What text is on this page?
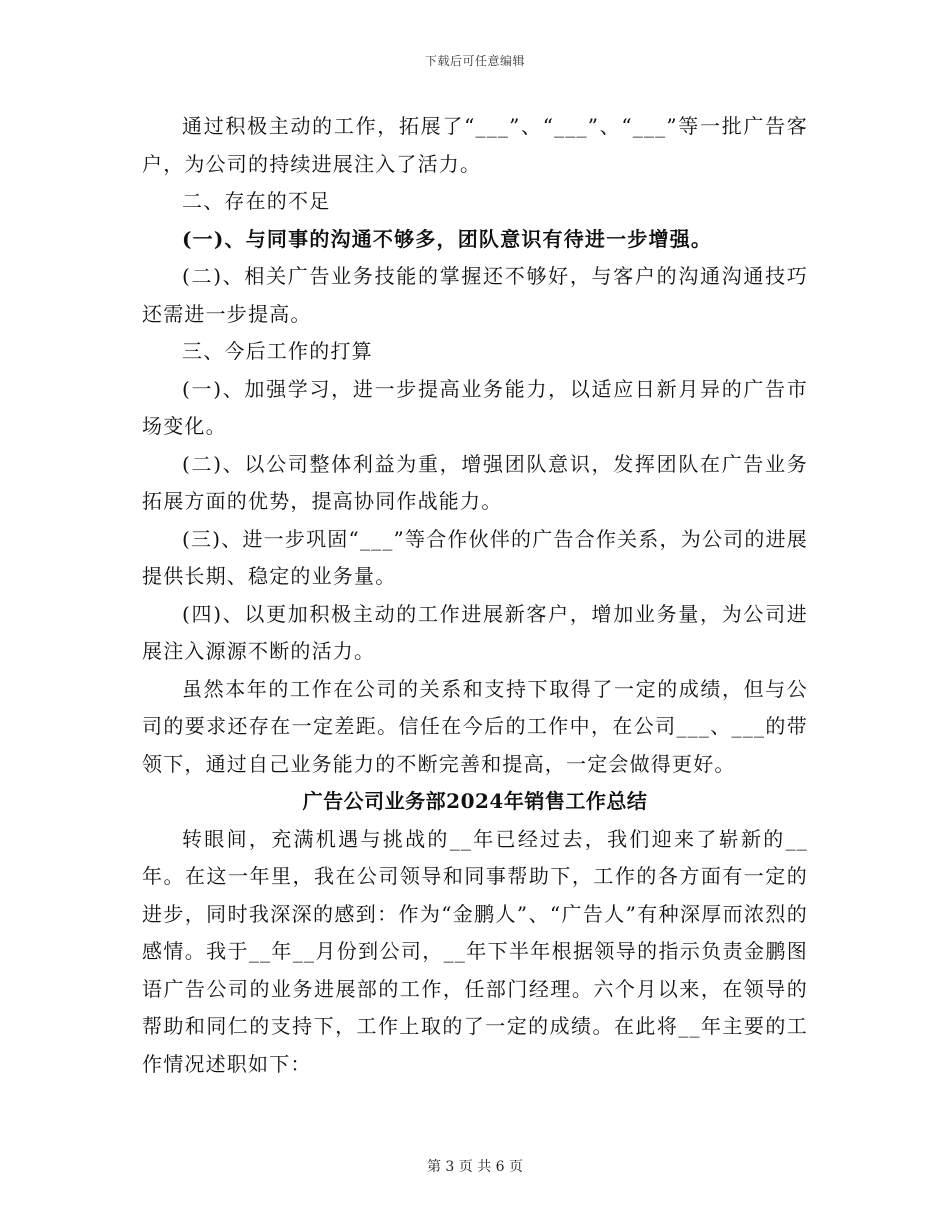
下载后可任意编辑

通过积极主动的工作，拓展了“___”、“___”、“___”等一批广告客户，为公司的持续进展注入了活力。

二、存在的不足

(一)、与同事的沟通不够多，团队意识有待进一步增强。

(二)、相关广告业务技能的掌握还不够好，与客户的沟通沟通技巧还需进一步提高。

三、今后工作的打算

(一)、加强学习，进一步提高业务能力，以适应日新月异的广告市场变化。

(二)、以公司整体利益为重，增强团队意识，发挥团队在广告业务拓展方面的优势，提高协同作战能力。

(三)、进一步巩固“___”等合作伙伴的广告合作关系，为公司的进展提供长期、稳定的业务量。

(四)、以更加积极主动的工作进展新客户，增加业务量，为公司进展注入源源不断的活力。

虽然本年的工作在公司的关系和支持下取得了一定的成绩，但与公司的要求还存在一定差距。信任在今后的工作中，在公司___、___的带领下，通过自己业务能力的不断完善和提高，一定会做得更好。

广告公司业务部2024年销售工作总结

转眼间，充满机遇与挑战的__年已经过去，我们迎来了崭新的__年。在这一年里，我在公司领导和同事帮助下，工作的各方面有一定的进步，同时我深深的感到：作为“金鹏人”、“广告人”有种深厚而浓烈的感情。我于__年__月份到公司，__年下半年根据领导的指示负责金鹏图语广告公司的业务进展部的工作，任部门经理。六个月以来，在领导的帮助和同仁的支持下，工作上取的了一定的成绩。在此将__年主要的工作情况述职如下：

第 3 页 共 6 页
